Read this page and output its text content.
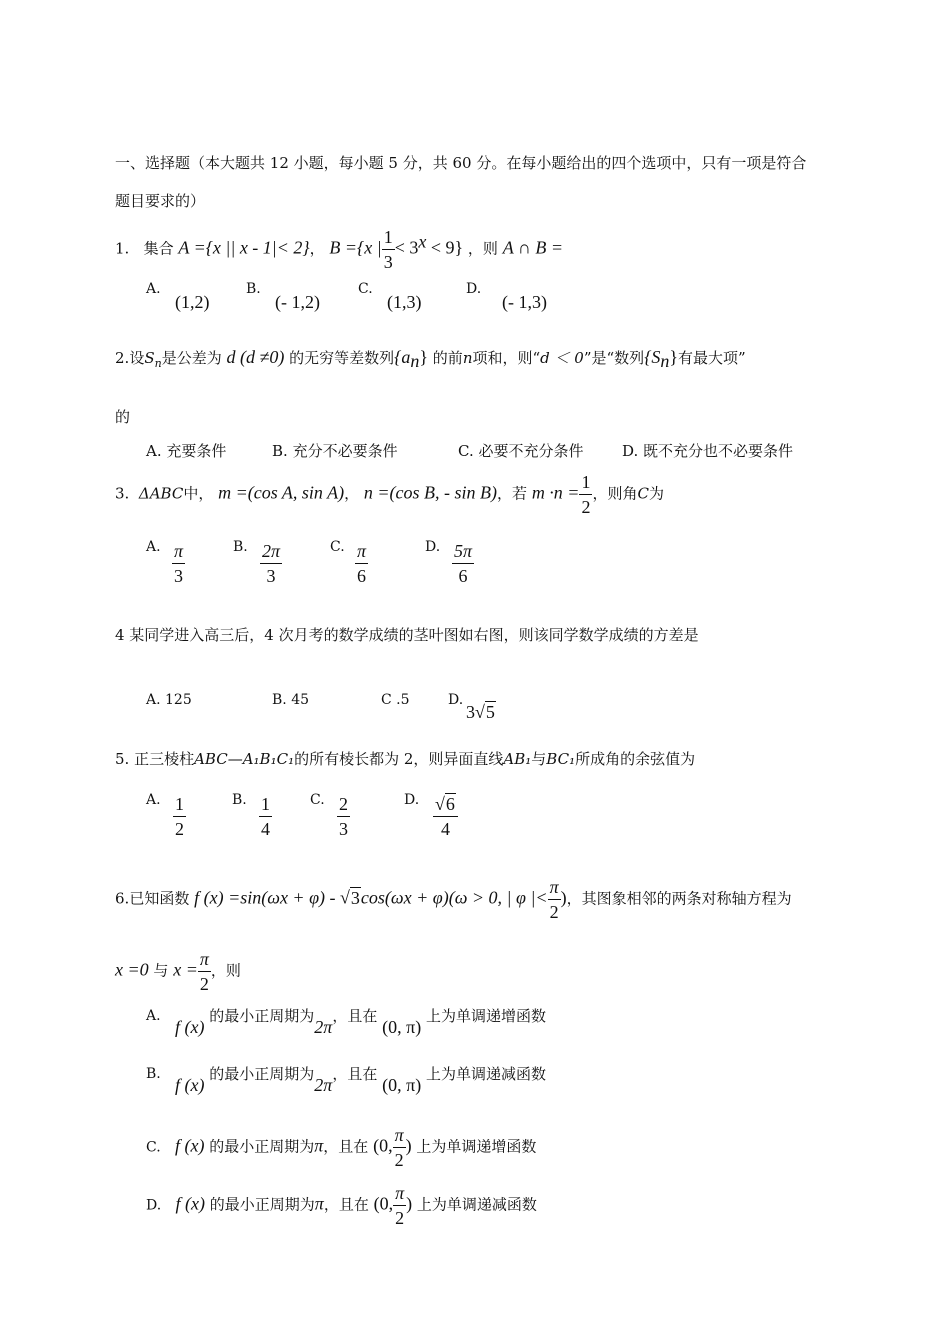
一、选择题（本大题共 12 小题，每小题 5 分，共 60 分。在每小题给出的四个选项中，只有一项是符合
题目要求的）
1. 集合 A ={x || x - 1|< 2}， B ={x | $\frac{1}{3} < 3^x < 9$} ，则 A ∩ B =
A.
(1,2)
B.
(- 1,2)
C.
(1,3)
D.
(- 1,3)
2.设$S_n$是公差为 d (d ≠0) 的无穷等差数列$\{a_n\}$ 的前n项和，则“d ＜ 0”是“数列$\{S_n\}$有最大项”
的
A. 充要条件	B. 充分不必要条件	C. 必要不充分条件	D. 既不充分也不必要条件
3. ΔABC中， m =(cos A, sin A)， n =(cos B, - sin B)，若 $m \cdot n = \frac{1}{2}$ ，则角C为
A. $\frac{\pi}{3}$	B. $\frac{2\pi}{3}$	C. $\frac{\pi}{6}$	D. $\frac{5\pi}{6}$
4 某同学进入高三后，4 次月考的数学成绩的茎叶图如右图，则该同学数学成绩的方差是
A. 125	B. 45	C .5	D.
3√5
5. 正三棱柱ABC—A₁B₁C₁的所有棱长都为 2，则异面直线AB₁与BC₁所成角的余弦值为
A. $\frac{1}{2}$	B. $\frac{1}{4}$	C. $\frac{2}{3}$	D. $\frac{√6}{4}$
6.已知函数 f (x) =sin(ωx + φ) - √3cos(ωx + φ)(ω > 0, | φ |< $\frac{\pi}{2}$ )，其图象相邻的两条对称轴方程为
x =0 与 $x = \frac{\pi}{2}$ ，则
A.
f (x) 的最小正周期为2π，且在 (0, π) 上为单调递增函数
B.
f (x) 的最小正周期为2π，且在 (0, π) 上为单调递减函数
C. f (x) 的最小正周期为π，且在 (0, $\frac{\pi}{2}$ ) 上为单调递增函数
D. f (x) 的最小正周期为π，且在 (0, $\frac{\pi}{2}$ ) 上为单调递减函数
